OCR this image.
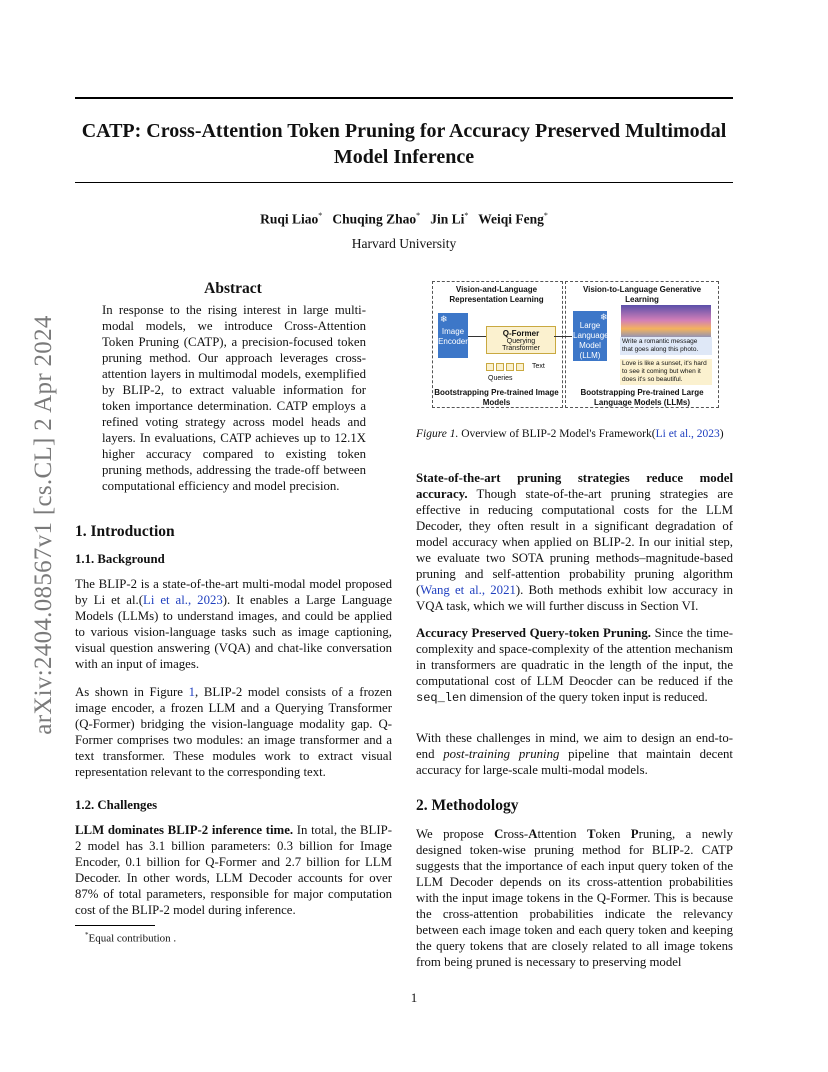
arXiv:2404.08567v1 [cs.CL] 2 Apr 2024
CATP: Cross-Attention Token Pruning for Accuracy Preserved Multimodal Model Inference
Ruqi Liao* Chuqing Zhao* Jin Li* Weiqi Feng*
Harvard University
Abstract

In response to the rising interest in large multi-modal models, we introduce Cross-Attention Token Pruning (CATP), a precision-focused token pruning method. Our approach leverages cross-attention layers in multimodal models, exemplified by BLIP-2, to extract valuable information for token importance determination. CATP employs a refined voting strategy across model heads and layers. In evaluations, CATP achieves up to 12.1X higher accuracy compared to existing token pruning methods, addressing the trade-off between computational efficiency and model precision.

1. Introduction
1.1. Background

The BLIP-2 is a state-of-the-art multi-modal model proposed by Li et al.(Li et al., 2023). It enables a Large Language Models (LLMs) to understand images, and could be applied to various vision-language tasks such as image captioning, visual question answering (VQA) and chat-like conversation with an input of images.

As shown in Figure 1, BLIP-2 model consists of a frozen image encoder, a frozen LLM and a Querying Transformer (Q-Former) bridging the vision-language modality gap. Q-Former comprises two modules: an image transformer and a text transformer. These modules work to extract visual representation relevant to the corresponding text.

1.2. Challenges

LLM dominates BLIP-2 inference time. In total, the BLIP-2 model has 3.1 billion parameters: 0.3 billion for Image Encoder, 0.1 billion for Q-Former and 2.7 billion for LLM Decoder. In other words, LLM Decoder accounts for over 87% of total parameters, responsible for major computation cost of the BLIP-2 model during inference.

*Equal contribution .
Vision-and-Language Representation Learning
Vision-to-Language Generative Learning
Image Encoder
❄
Q-Former
Querying Transformer

Text
Queries
Large Language Model (LLM)
❄
Write a romantic message that goes along this photo.
Love is like a sunset, it's hard to see it coming but when it does it's so beautiful.
Bootstrapping Pre-trained Image Models
Bootstrapping Pre-trained Large Language Models (LLMs)
Figure 1. Overview of BLIP-2 Model's Framework(Li et al., 2023)

State-of-the-art pruning strategies reduce model accuracy. Though state-of-the-art pruning strategies are effective in reducing computational costs for the LLM Decoder, they often result in a significant degradation of model accuracy when applied on BLIP-2. In our initial step, we evaluate two SOTA pruning methods–magnitude-based pruning and self-attention probability pruning algorithm (Wang et al., 2021). Both methods exhibit low accuracy in VQA task, which we will further discuss in Section VI.

Accuracy Preserved Query-token Pruning. Since the time-complexity and space-complexity of the attention mechanism in transformers are quadratic in the length of the input, the computational cost of LLM Deocder can be reduced if the seq_len dimension of the query token input is reduced.

With these challenges in mind, we aim to design an end-to-end post-training pruning pipeline that maintain decent accuracy for large-scale multi-modal models.

2. Methodology

We propose Cross-Attention Token Pruning, a newly designed token-wise pruning method for BLIP-2. CATP suggests that the importance of each input query token of the LLM Decoder depends on its cross-attention probabilities with the input image tokens in the Q-Former. This is because the cross-attention probabilities indicate the relevancy between each image token and each query token and keeping the query tokens that are closely related to all image tokens from being pruned is necessary to preserving model

1
